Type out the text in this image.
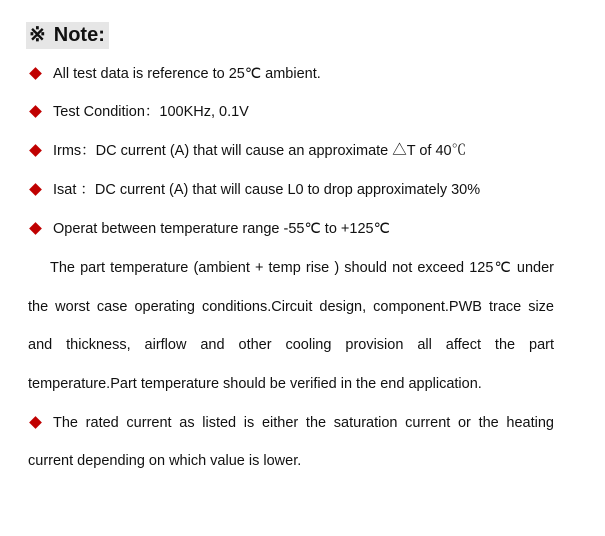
※ Note:
All test data is reference to 25℃ ambient.
Test Condition：100KHz, 0.1V
Irms：DC current (A) that will cause an approximate △T of 40℃
Isat ：DC current (A) that will cause L0 to drop approximately 30%
Operat between temperature range -55℃ to +125℃
The part temperature (ambient + temp rise ) should not exceed 125℃ under
the worst case operating conditions.Circuit design, component.PWB trace size
and thickness, airflow and other cooling provision all affect the part
temperature.Part temperature should be verified in the end application.
The rated current as listed is either the saturation current or the heating
current depending on which value is lower.
